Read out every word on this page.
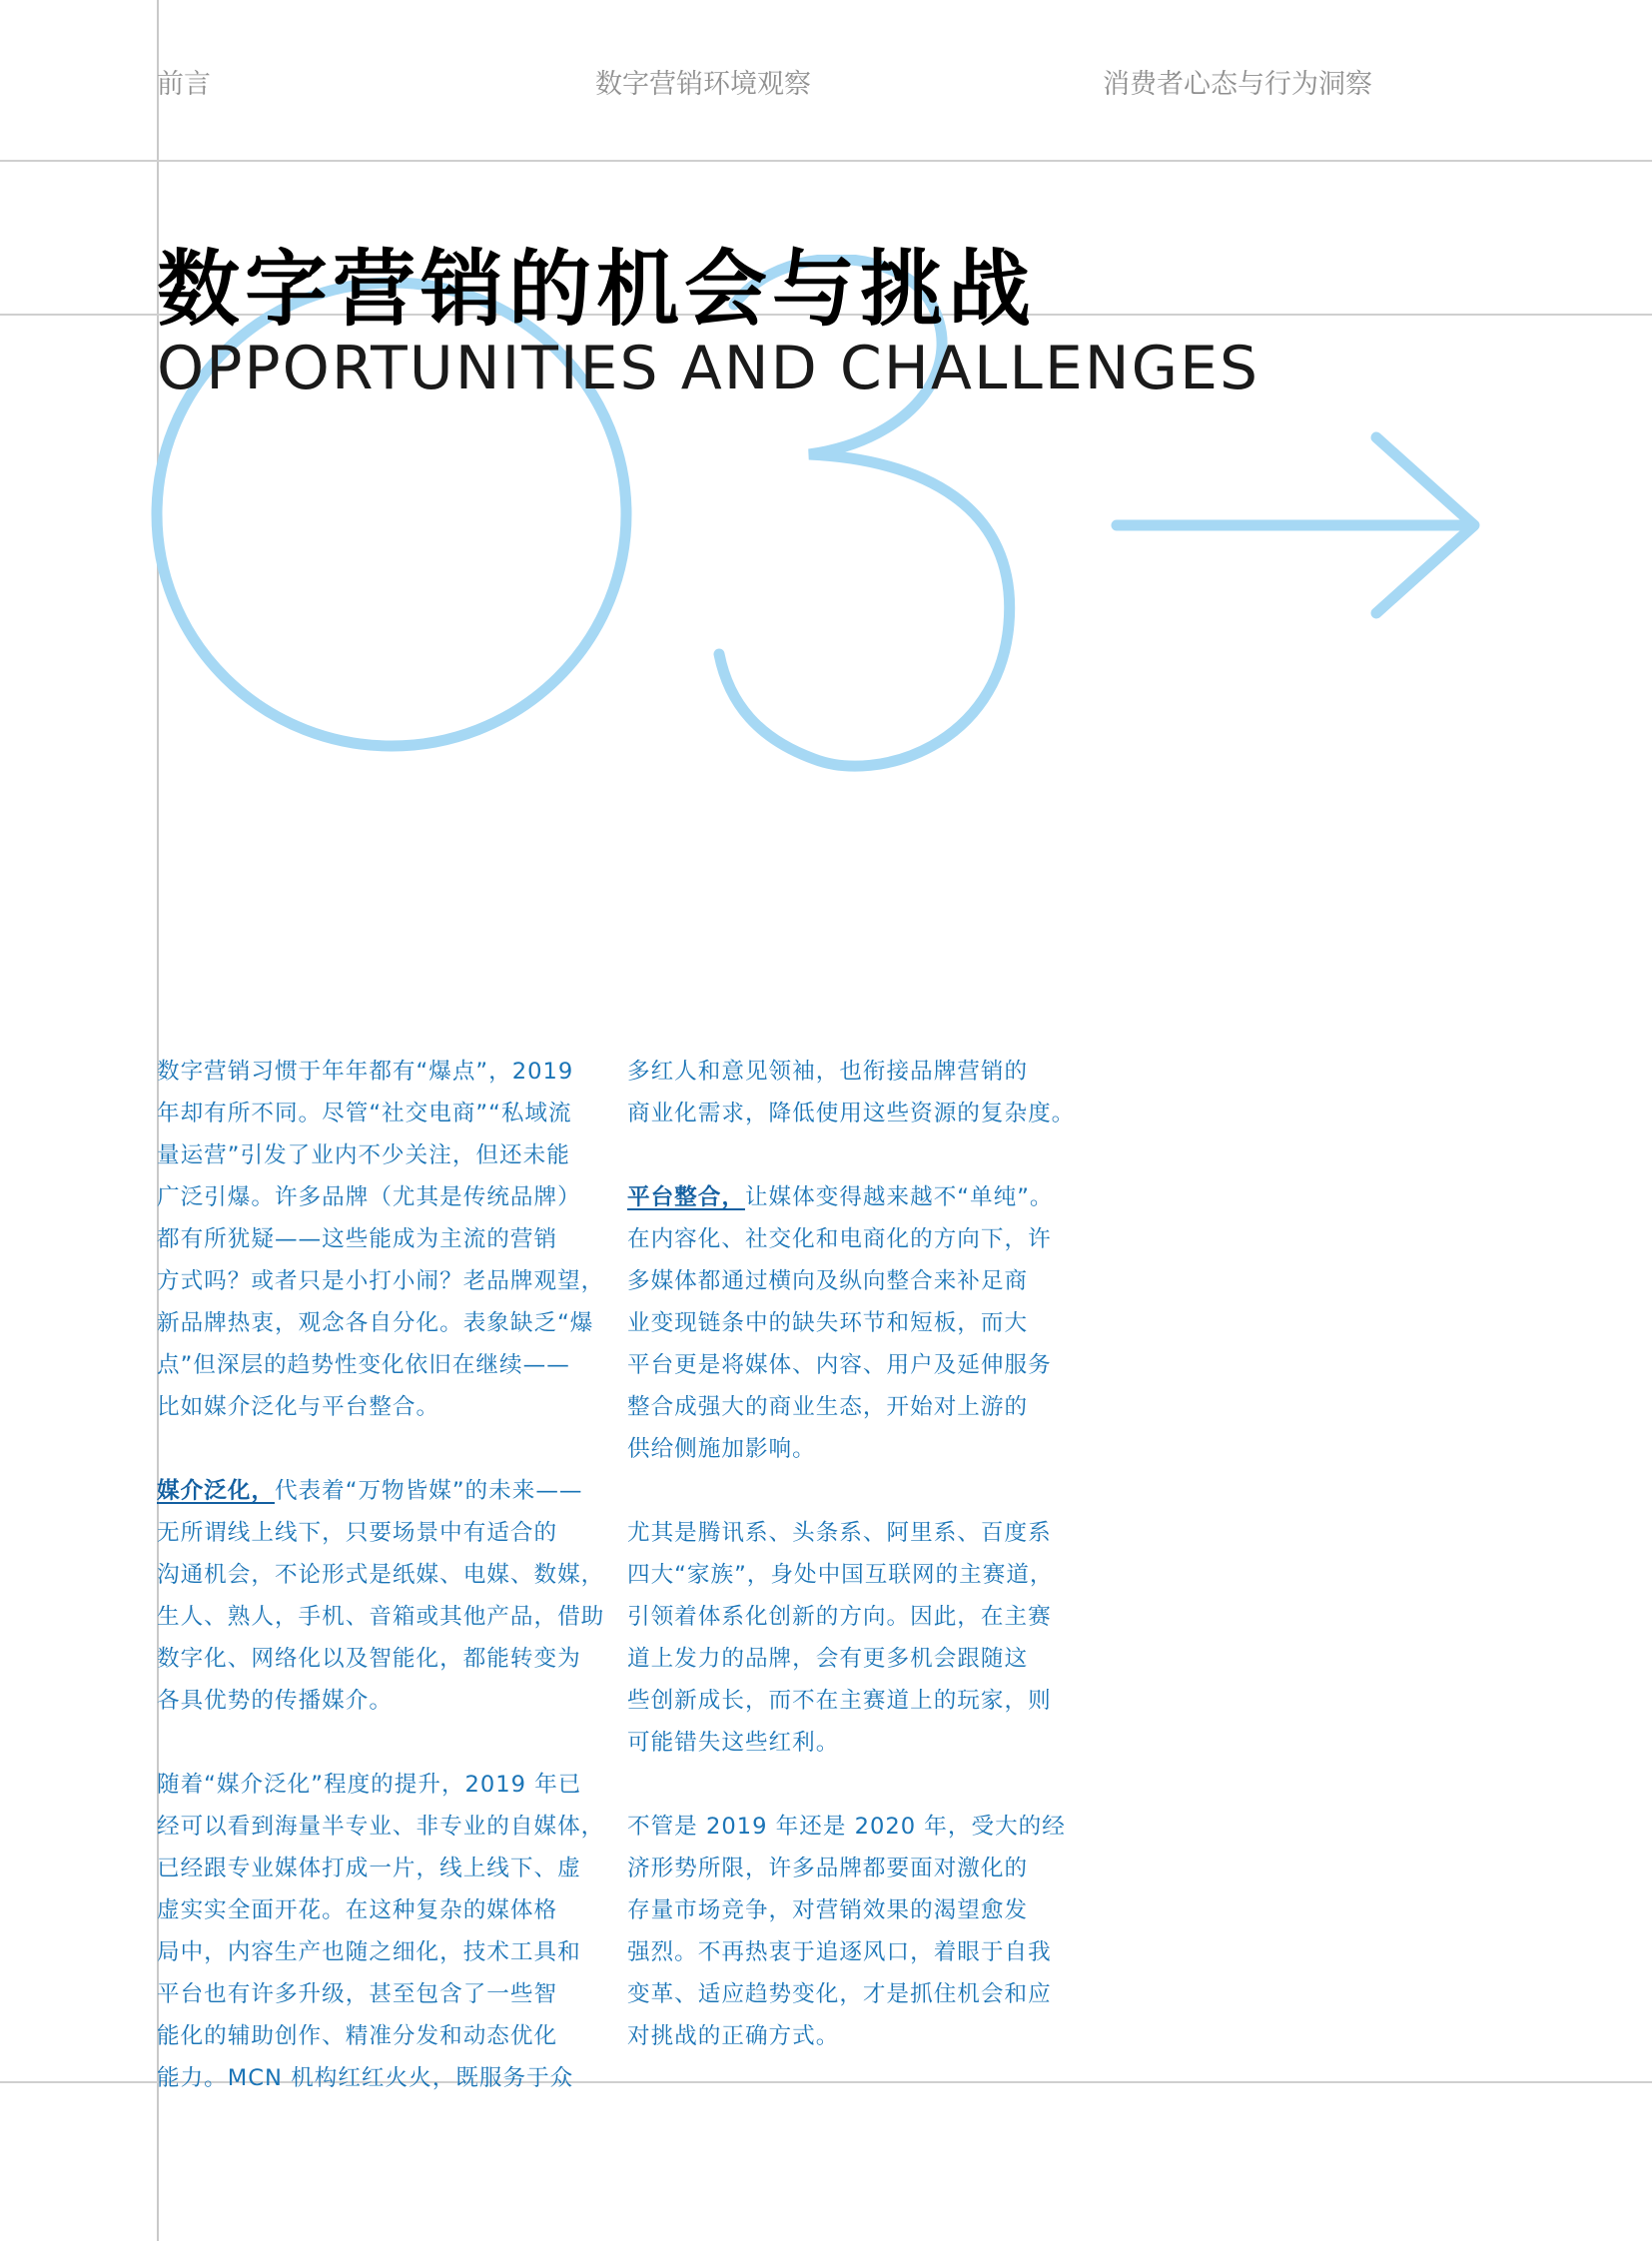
前言	数字营销环境观察	消费者心态与行为洞察
数字营销的机会与挑战
OPPORTUNITIES AND CHALLENGES

数字营销习惯于年年都有“爆点”，2019
年却有所不同。尽管“社交电商”“私域流
量运营”引发了业内不少关注，但还未能
广泛引爆。许多品牌（尤其是传统品牌）
都有所犹疑——这些能成为主流的营销
方式吗？或者只是小打小闹？老品牌观望，
新品牌热衷，观念各自分化。表象缺乏“爆
点”但深层的趋势性变化依旧在继续——
比如媒介泛化与平台整合。

媒介泛化，代表着“万物皆媒”的未来——
无所谓线上线下，只要场景中有适合的
沟通机会，不论形式是纸媒、电媒、数媒，
生人、熟人，手机、音箱或其他产品，借助
数字化、网络化以及智能化，都能转变为
各具优势的传播媒介。

随着“媒介泛化”程度的提升，2019 年已
经可以看到海量半专业、非专业的自媒体，
已经跟专业媒体打成一片，线上线下、虚
虚实实全面开花。在这种复杂的媒体格
局中，内容生产也随之细化，技术工具和
平台也有许多升级，甚至包含了一些智
能化的辅助创作、精准分发和动态优化
能力。MCN 机构红红火火，既服务于众

多红人和意见领袖，也衔接品牌营销的
商业化需求，降低使用这些资源的复杂度。

平台整合，让媒体变得越来越不“单纯”。
在内容化、社交化和电商化的方向下，许
多媒体都通过横向及纵向整合来补足商
业变现链条中的缺失环节和短板，而大
平台更是将媒体、内容、用户及延伸服务
整合成强大的商业生态，开始对上游的
供给侧施加影响。

尤其是腾讯系、头条系、阿里系、百度系
四大“家族”，身处中国互联网的主赛道，
引领着体系化创新的方向。因此，在主赛
道上发力的品牌，会有更多机会跟随这
些创新成长，而不在主赛道上的玩家，则
可能错失这些红利。

不管是 2019 年还是 2020 年，受大的经
济形势所限，许多品牌都要面对激化的
存量市场竞争，对营销效果的渴望愈发
强烈。不再热衷于追逐风口，着眼于自我
变革、适应趋势变化，才是抓住机会和应
对挑战的正确方式。
